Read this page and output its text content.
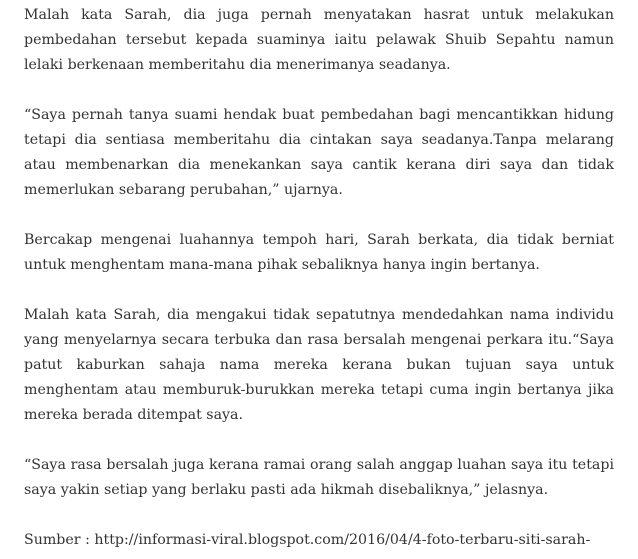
Malah kata Sarah, dia juga pernah menyatakan hasrat untuk melakukan pembedahan tersebut kepada suaminya iaitu pelawak Shuib Sepahtu namun lelaki berkenaan memberitahu dia menerimanya seadanya.

“Saya pernah tanya suami hendak buat pembedahan bagi mencantikkan hidung tetapi dia sentiasa memberitahu dia cintakan saya seadanya.Tanpa melarang atau membenarkan dia menekankan saya cantik kerana diri saya dan tidak memerlukan sebarang perubahan,” ujarnya.

Bercakap mengenai luahannya tempoh hari, Sarah berkata, dia tidak berniat untuk menghentam mana-mana pihak sebaliknya hanya ingin bertanya.

Malah kata Sarah, dia mengakui tidak sepatutnya mendedahkan nama individu yang menyelarnya secara terbuka dan rasa bersalah mengenai perkara itu.“Saya patut kaburkan sahaja nama mereka kerana bukan tujuan saya untuk menghentam atau memburuk-burukkan mereka tetapi cuma ingin bertanya jika mereka berada ditempat saya.

“Saya rasa bersalah juga kerana ramai orang salah anggap luahan saya itu tetapi saya yakin setiap yang berlaku pasti ada hikmah disebaliknya,” jelasnya.

Sumber : http://informasi-viral.blogspot.com/2016/04/4-foto-terbaru-siti-sarah-
